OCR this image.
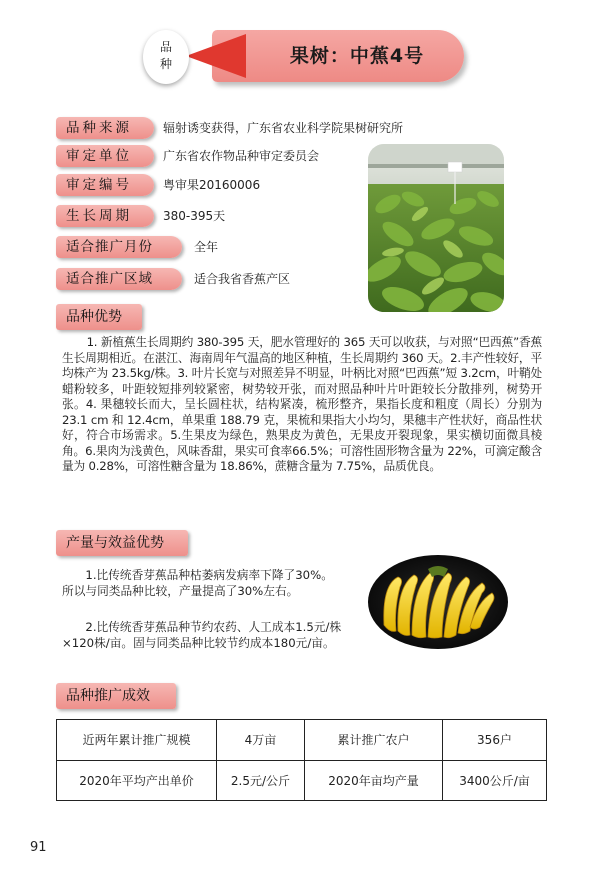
果树：中蕉4号
品
种
品种来源	辐射诱变获得，广东省农业科学院果树研究所
审定单位	广东省农作物品种审定委员会
审定编号	粤审果20160006
生长周期	380-395天
适合推广月份	全年
适合推广区域	适合我省香蕉产区
品种优势
1. 新植蕉生长周期约 380-395 天，肥水管理好的 365 天可以收获，与对照“巴西蕉”香蕉生长周期相近。在湛江、海南周年气温高的地区种植，生长周期约 360 天。2.丰产性较好，平均株产为 23.5kg/株。3. 叶片长宽与对照差异不明显，叶柄比对照“巴西蕉”短 3.2cm，叶鞘处蜡粉较多，叶距较短排列较紧密，树势较开张，而对照品种叶片叶距较长分散排列，树势开张。4. 果穗较长而大，呈长圆柱状，结构紧凑，梳形整齐，果指长度和粗度（周长）分别为 23.1 cm 和 12.4cm，单果重 188.79 克，果梳和果指大小均匀，果穗丰产性状好，商品性状好，符合市场需求。5.生果皮为绿色，熟果皮为黄色，无果皮开裂现象，果实横切面微具棱角。6.果肉为浅黄色，风味香甜，果实可食率66.5%；可溶性固形物含量为 22%，可滴定酸含量为 0.28%，可溶性糖含量为 18.86%，蔗糖含量为 7.75%，品质优良。
产量与效益优势
1.比传统香芽蕉品种枯萎病发病率下降了30%。所以与同类品种比较，产量提高了30%左右。
2.比传统香芽蕉品种节约农药、人工成本1.5元/株×120株/亩。固与同类品种比较节约成本180元/亩。
品种推广成效
近两年累计推广规模	4万亩	累计推广农户	356户
2020年平均产出单价	2.5元/公斤	2020年亩均产量	3400公斤/亩
91
